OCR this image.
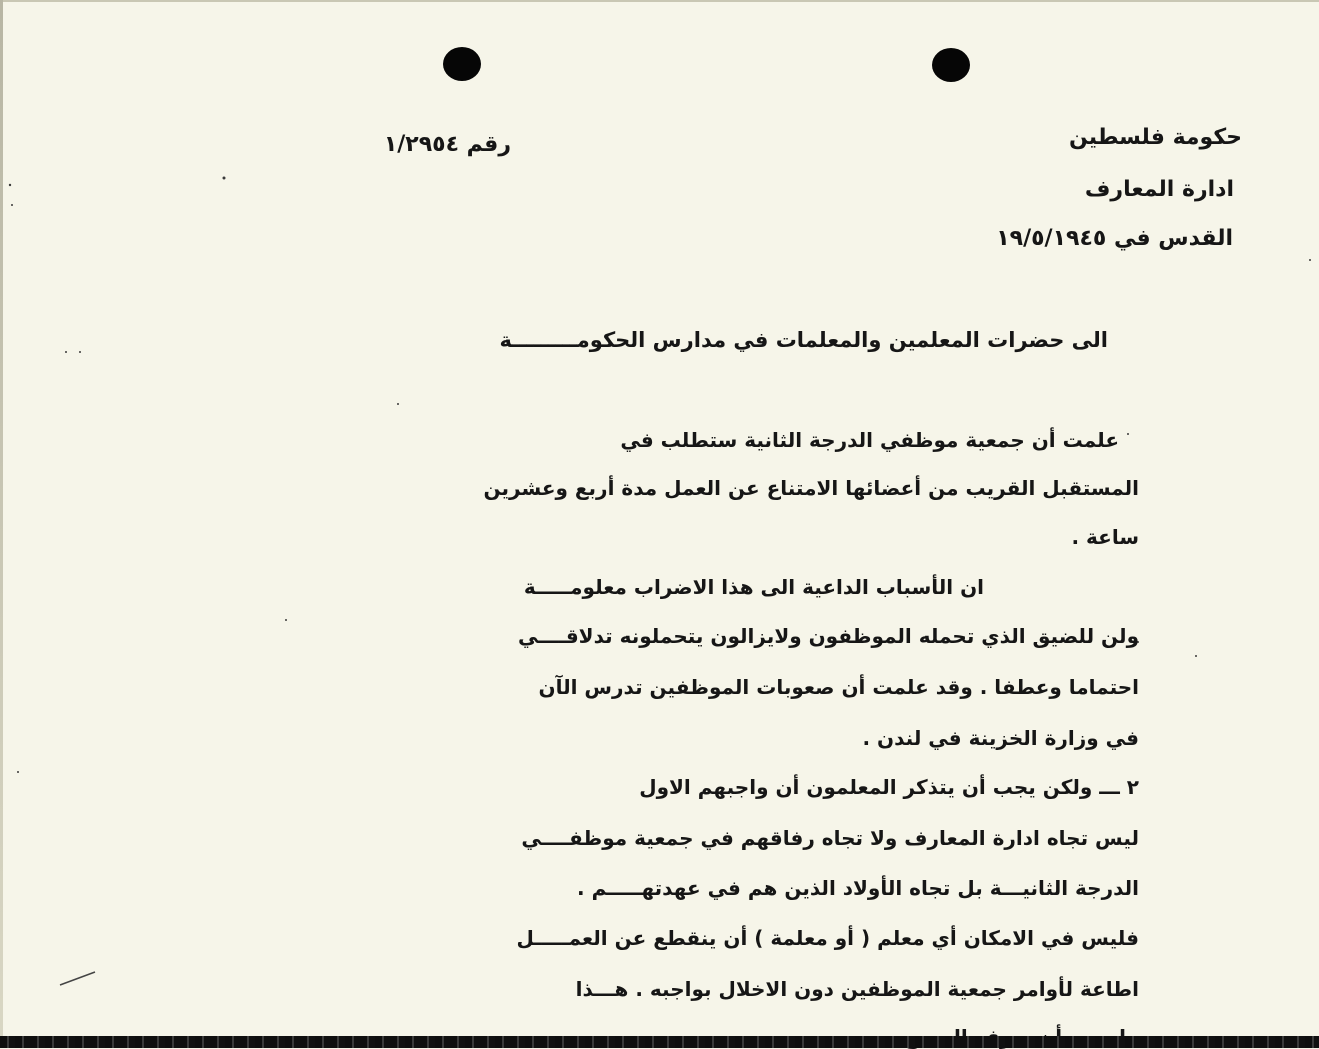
حكومة فلسطين
ادارة المعارف
القدس في ١٩/٥/١٩٤٥
رقم ١/٢٩٥٤
الى حضرات المعلمين والمعلمات في مدارس الحكومـــــــــة
علمت أن جمعية موظفي الدرجة الثانية ستطلب في
المستقبل القريب من أعضائها الامتناع عن العمل مدة أربع وعشرين
ساعة .
ان الأسباب الداعية الى هذا الاضراب معلومـــــة
ولن للضيق الذي تحمله الموظفون ولايزالون يتحملونه تدلاقــــي
احتماما وعطفا . وقد علمت أن صعوبات الموظفين تدرس الآن
في وزارة الخزينة في لندن .
٢ ـــ ولكن يجب أن يتذكر المعلمون أن واجبهم الاول
ليس تجاه ادارة المعارف ولا تجاه رفاقهم في جمعية موظفــــي
الدرجة الثانيـــة بل تجاه الأولاد الذين هم في عهدتهـــــم .
فليس في الامكان أي معلم ( أو معلمة ) أن ينقطع عن العمـــــل
اطاعة لأوامر جمعية الموظفين دون الاخلال بواجبه . هـــذا
